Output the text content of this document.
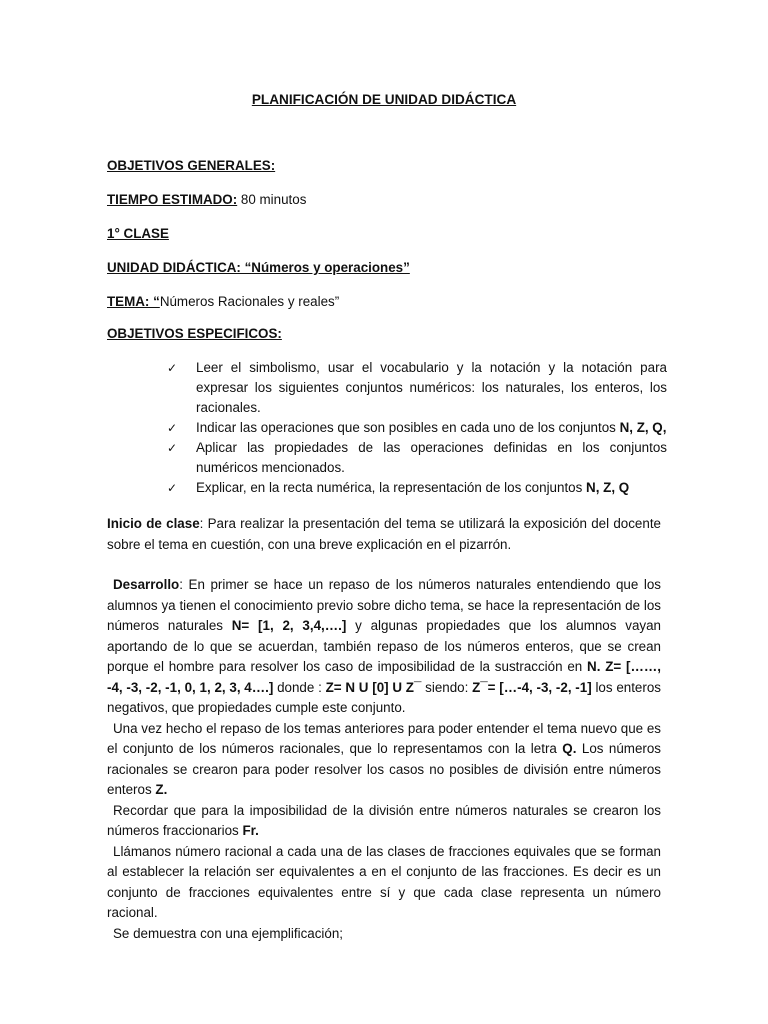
PLANIFICACIÓN DE UNIDAD DIDÁCTICA
OBJETIVOS GENERALES:
TIEMPO ESTIMADO: 80 minutos
1° CLASE
UNIDAD DIDÁCTICA: “Números y operaciones”
TEMA: “Números Racionales y reales”
OBJETIVOS ESPECIFICOS:
✓ Leer el simbolismo, usar el vocabulario y la notación y la notación para expresar los siguientes conjuntos numéricos: los naturales, los enteros, los racionales.
✓ Indicar las operaciones que son posibles en cada uno de los conjuntos N, Z, Q,
✓ Aplicar las propiedades de las operaciones definidas en los conjuntos numéricos mencionados.
✓ Explicar, en la recta numérica, la representación de los conjuntos N, Z, Q

Inicio de clase: Para realizar la presentación del tema se utilizará la exposición del docente sobre el tema en cuestión, con una breve explicación en el pizarrón.

Desarrollo: En primer se hace un repaso de los números naturales entendiendo que los alumnos ya tienen el conocimiento previo sobre dicho tema, se hace la representación de los números naturales N= [1, 2, 3,4,….] y algunas propiedades que los alumnos vayan aportando de lo que se acuerdan, también repaso de los números enteros, que se crean porque el hombre para resolver los caso de imposibilidad de la sustracción en N. Z= [……, -4, -3, -2, -1, 0, 1, 2, 3, 4….] donde : Z= N U [0] U Z¯ siendo: Z¯= […-4, -3, -2, -1] los enteros negativos, que propiedades cumple este conjunto.

Una vez hecho el repaso de los temas anteriores para poder entender el tema nuevo que es el conjunto de los números racionales, que lo representamos con la letra Q. Los números racionales se crearon para poder resolver los casos no posibles de división entre números enteros Z.

Recordar que para la imposibilidad de la división entre números naturales se crearon los números fraccionarios Fr.

Llámanos número racional a cada una de las clases de fracciones equivales que se forman al establecer la relación ser equivalentes a en el conjunto de las fracciones. Es decir es un conjunto de fracciones equivalentes entre sí y que cada clase representa un número racional.

Se demuestra con una ejemplificación;
